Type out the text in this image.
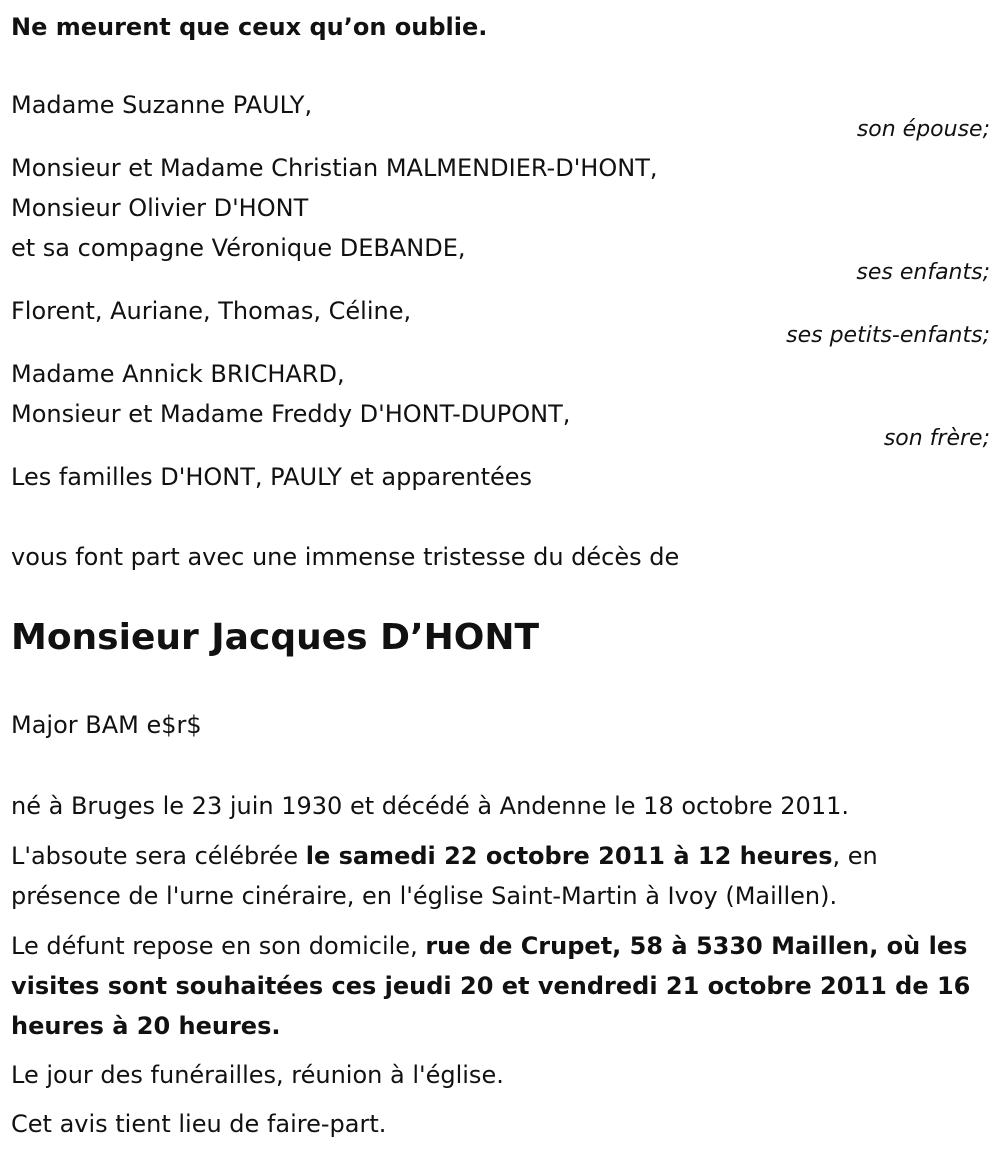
Ne meurent que ceux qu’on oublie.

Madame Suzanne PAULY,

son épouse;

Monsieur et Madame Christian MALMENDIER-D'HONT,

Monsieur Olivier D'HONT

et sa compagne Véronique DEBANDE,

ses enfants;

Florent, Auriane, Thomas, Céline,

ses petits-enfants;

Madame Annick BRICHARD,

Monsieur et Madame Freddy D'HONT-DUPONT,

son frère;

Les familles D'HONT, PAULY et apparentées

vous font part avec une immense tristesse du décès de

Monsieur Jacques D’HONT

Major BAM e$r$

né à Bruges le 23 juin 1930 et décédé à Andenne le 18 octobre 2011.

L'absoute sera célébrée le samedi 22 octobre 2011 à 12 heures, en présence de l'urne cinéraire, en l'église Saint-Martin à Ivoy (Maillen).

Le défunt repose en son domicile, rue de Crupet, 58 à 5330 Maillen, où les visites sont souhaitées ces jeudi 20 et vendredi 21 octobre 2011 de 16 heures à 20 heures.

Le jour des funérailles, réunion à l'église.

Cet avis tient lieu de faire-part.
